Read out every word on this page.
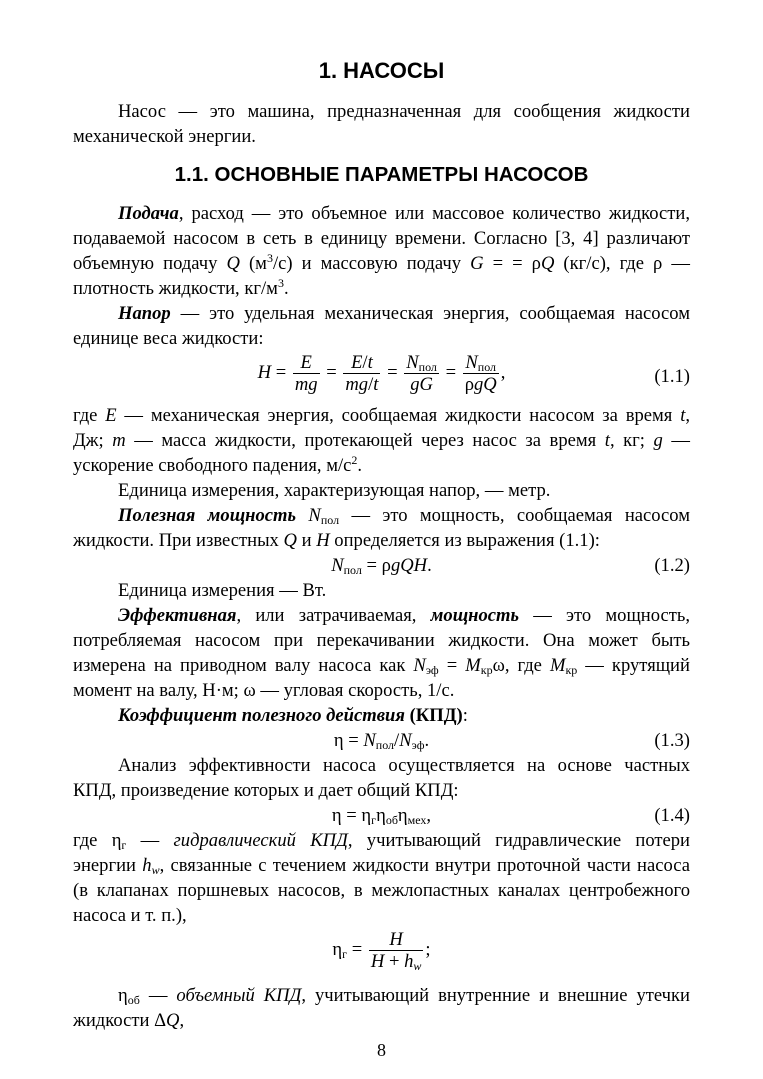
1. НАСОСЫ

Насос — это машина, предназначенная для сообщения жидкости механической энергии.

1.1. ОСНОВНЫЕ ПАРАМЕТРЫ НАСОСОВ

Подача, расход — это объемное или массовое количество жидкости, подаваемой насосом в сеть в единицу времени. Согласно [3, 4] различают объемную подачу Q $(м^3/с)$ и массовую подачу G = = ρQ (кг/с), где ρ — плотность жидкости, $кг/м^3$.

Напор — это удельная механическая энергия, сообщаемая насосом единице веса жидкости:

$H = \frac{E}{mg} = \frac{E/t}{mg/t} = N_{пол}$
gG
= $N_{пол}$
ρgQ
,	(1.1)

где E — механическая энергия, сообщаемая жидкости насосом за время t, Дж; m — масса жидкости, протекающей через насос за время t, кг; g — ускорение свободного падения, $м/с^2$.

Единица измерения, характеризующая напор, — метр.

Полезная мощность $N_{пол}$ — это мощность, сообщаемая насосом жидкости. При известных Q и H определяется из выражения (1.1):

$N_{пол} = \rho gQH$.	(1.2)

Единица измерения — Вт.

Эффективная, или затрачиваемая, мощность — это мощность, потребляемая насосом при перекачивании жидкости. Она может быть измерена на приводном валу насоса как $N_{эф} = M_{кр}\omega$, где $M_{кр}$ — крутящий момент на валу, Н·м; ω — угловая скорость, 1/с.

Коэффициент полезного действия (КПД):

$\eta = N_{пол}/N_{эф}$.	(1.3)

Анализ эффективности насоса осуществляется на основе частных КПД, произведение которых и дает общий КПД:

$\eta = \eta_г\eta_{об}\eta_{мех}$,	(1.4)

где $\eta_г$ — гидравлический КПД, учитывающий гидравлические потери энергии $h_w$, связанные с течением жидкости внутри проточной части насоса (в клапанах поршневых насосов, в межлопастных каналах центробежного насоса и т. п.),

$\eta_г = \frac{H}{H + h_w}$ ;

$\eta_{об}$ — объемный КПД, учитывающий внутренние и внешние утечки жидкости ΔQ,

8
